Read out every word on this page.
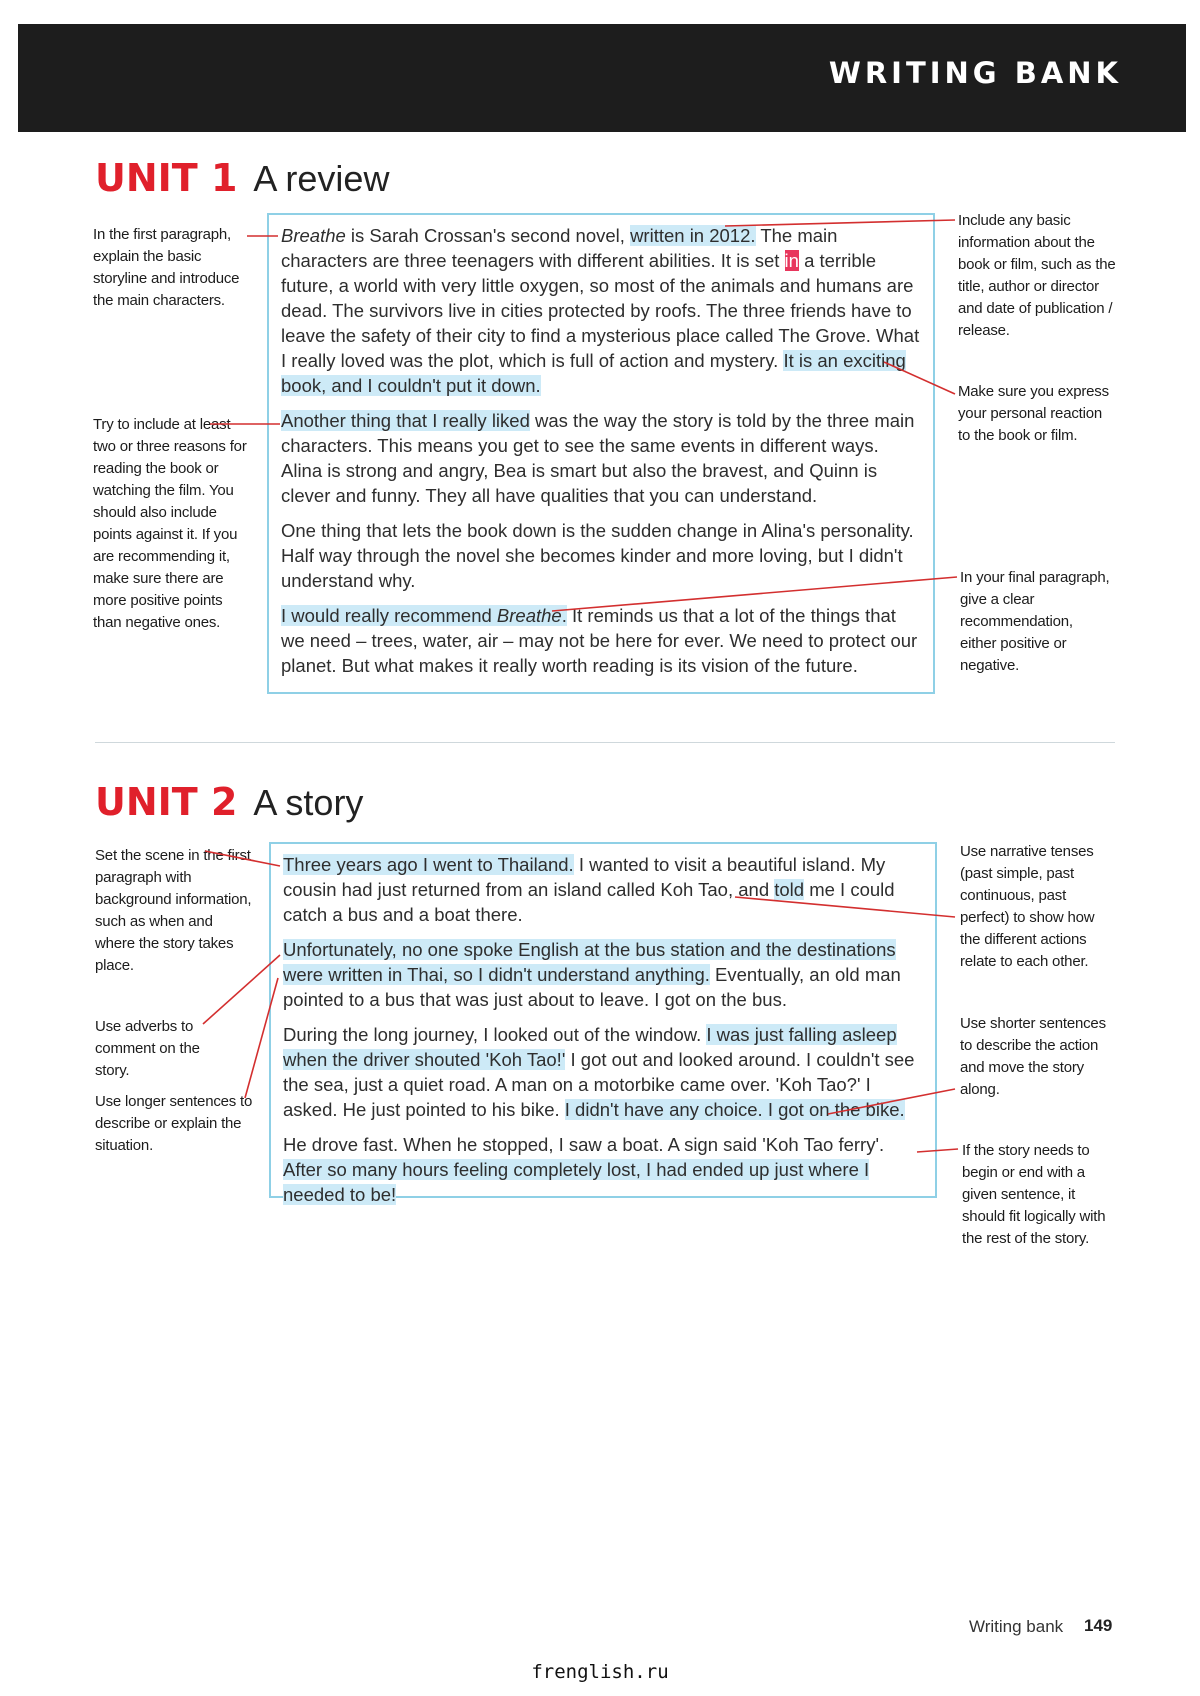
WRITING BANK
UNIT 1 A review

Breathe is Sarah Crossan's second novel, written in 2012. The main characters are three teenagers with different abilities. It is set in a terrible future, a world with very little oxygen, so most of the animals and humans are dead. The survivors live in cities protected by roofs. The three friends have to leave the safety of their city to find a mysterious place called The Grove. What I really loved was the plot, which is full of action and mystery. It is an exciting book, and I couldn't put it down.

Another thing that I really liked was the way the story is told by the three main characters. This means you get to see the same events in different ways. Alina is strong and angry, Bea is smart but also the bravest, and Quinn is clever and funny. They all have qualities that you can understand.

One thing that lets the book down is the sudden change in Alina's personality. Half way through the novel she becomes kinder and more loving, but I didn't understand why.

I would really recommend Breathe. It reminds us that a lot of the things that we need – trees, water, air – may not be here for ever. We need to protect our planet. But what makes it really worth reading is its vision of the future.

In the first paragraph, explain the basic storyline and introduce the main characters.

Try to include at least two or three reasons for reading the book or watching the film. You should also include points against it. If you are recommending it, make sure there are more positive points than negative ones.

Include any basic information about the book or film, such as the title, author or director and date of publication / release.

Make sure you express your personal reaction to the book or film.

In your final paragraph, give a clear recommendation, either positive or negative.

UNIT 2 A story

Three years ago I went to Thailand. I wanted to visit a beautiful island. My cousin had just returned from an island called Koh Tao, and told me I could catch a bus and a boat there.

Unfortunately, no one spoke English at the bus station and the destinations were written in Thai, so I didn't understand anything. Eventually, an old man pointed to a bus that was just about to leave. I got on the bus.

During the long journey, I looked out of the window. I was just falling asleep when the driver shouted 'Koh Tao!' I got out and looked around. I couldn't see the sea, just a quiet road. A man on a motorbike came over. 'Koh Tao?' I asked. He just pointed to his bike. I didn't have any choice. I got on the bike.

He drove fast. When he stopped, I saw a boat. A sign said 'Koh Tao ferry'. After so many hours feeling completely lost, I had ended up just where I needed to be!

Set the scene in the first paragraph with background information, such as when and where the story takes place.

Use adverbs to comment on the story.

Use longer sentences to describe or explain the situation.

Use narrative tenses (past simple, past continuous, past perfect) to show how the different actions relate to each other.

Use shorter sentences to describe the action and move the story along.

If the story needs to begin or end with a given sentence, it should fit logically with the rest of the story.

Writing bank 149

frenglish.ru
